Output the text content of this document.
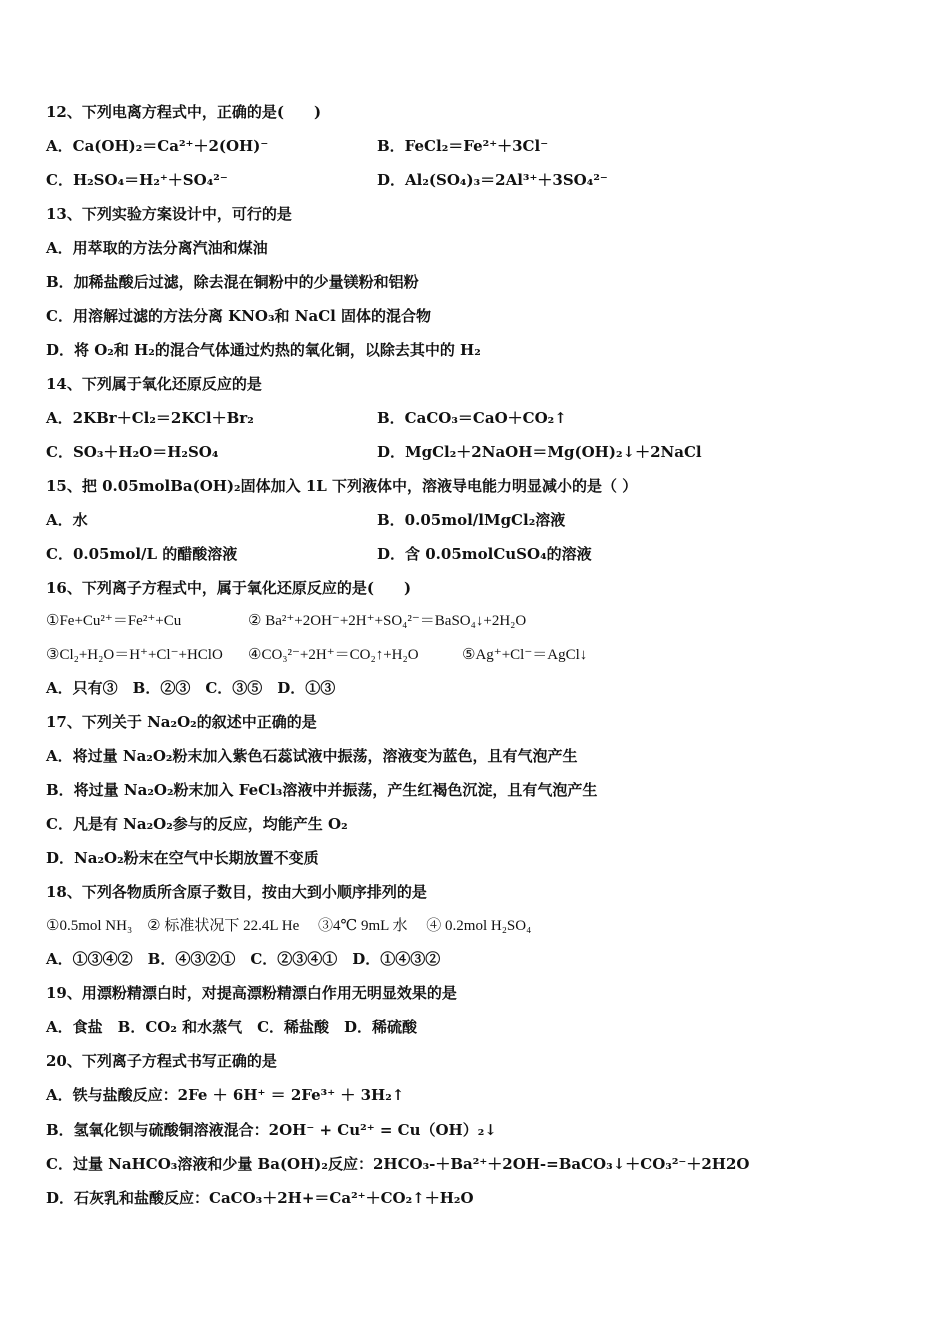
12、下列电离方程式中，正确的是(　　)
A．Ca(OH)₂＝Ca²⁺＋2(OH)⁻	B．FeCl₂＝Fe²⁺＋3Cl⁻
C．H₂SO₄＝H₂⁺＋SO₄²⁻	D．Al₂(SO₄)₃＝2Al³⁺＋3SO₄²⁻
13、下列实验方案设计中，可行的是
A．用萃取的方法分离汽油和煤油
B．加稀盐酸后过滤，除去混在铜粉中的少量镁粉和铝粉
C．用溶解过滤的方法分离 KNO₃和 NaCl 固体的混合物
D．将 O₂和 H₂的混合气体通过灼热的氧化铜，以除去其中的 H₂
14、下列属于氧化还原反应的是
A．2KBr＋Cl₂＝2KCl＋Br₂	B．CaCO₃＝CaO＋CO₂↑
C．SO₃＋H₂O＝H₂SO₄	D．MgCl₂＋2NaOH＝Mg(OH)₂↓＋2NaCl
15、把 0.05molBa(OH)₂固体加入 1L 下列液体中，溶液导电能力明显减小的是（ ）
A．水	B．0.05mol/lMgCl₂溶液
C．0.05mol/L 的醋酸溶液	D．含 0.05molCuSO₄的溶液
16、下列离子方程式中，属于氧化还原反应的是(　　)
①Fe+Cu²⁺＝Fe²⁺+Cu	② Ba²⁺+2OH⁻+2H⁺+SO₄²⁻＝BaSO₄↓+2H₂O
③Cl₂+H₂O＝H⁺+Cl⁻+HClO ④CO₃²⁻+2H⁺＝CO₂↑+H₂O	⑤Ag⁺+Cl⁻＝AgCl↓
A．只有③　B．②③　C．③⑤　D．①③
17、下列关于 Na₂O₂的叙述中正确的是
A．将过量 Na₂O₂粉末加入紫色石蕊试液中振荡，溶液变为蓝色，且有气泡产生
B．将过量 Na₂O₂粉末加入 FeCl₃溶液中并振荡，产生红褐色沉淀，且有气泡产生
C．凡是有 Na₂O₂参与的反应，均能产生 O₂
D．Na₂O₂粉末在空气中长期放置不变质
18、下列各物质所含原子数目，按由大到小顺序排列的是
①0.5mol NH₃　② 标准状况下 22.4L He　 ③4℃ 9mL 水　 ④ 0.2mol H₂SO₄
A．①③④②　B．④③②①　C．②③④①　D．①④③②
19、用漂粉精漂白时，对提高漂粉精漂白作用无明显效果的是
A．食盐　B．CO₂ 和水蒸气　C．稀盐酸　D．稀硫酸
20、下列离子方程式书写正确的是
A．铁与盐酸反应：2Fe ＋ 6H⁺ ＝ 2Fe³⁺ ＋ 3H₂↑
B．氢氧化钡与硫酸铜溶液混合：2OH⁻ + Cu²⁺ = Cu（OH）₂↓
C．过量 NaHCO₃溶液和少量 Ba(OH)₂反应：2HCO₃-＋Ba²⁺＋2OH-=BaCO₃↓＋CO₃²⁻＋2H2O
D．石灰乳和盐酸反应：CaCO₃＋2H+＝Ca²⁺＋CO₂↑＋H₂O
